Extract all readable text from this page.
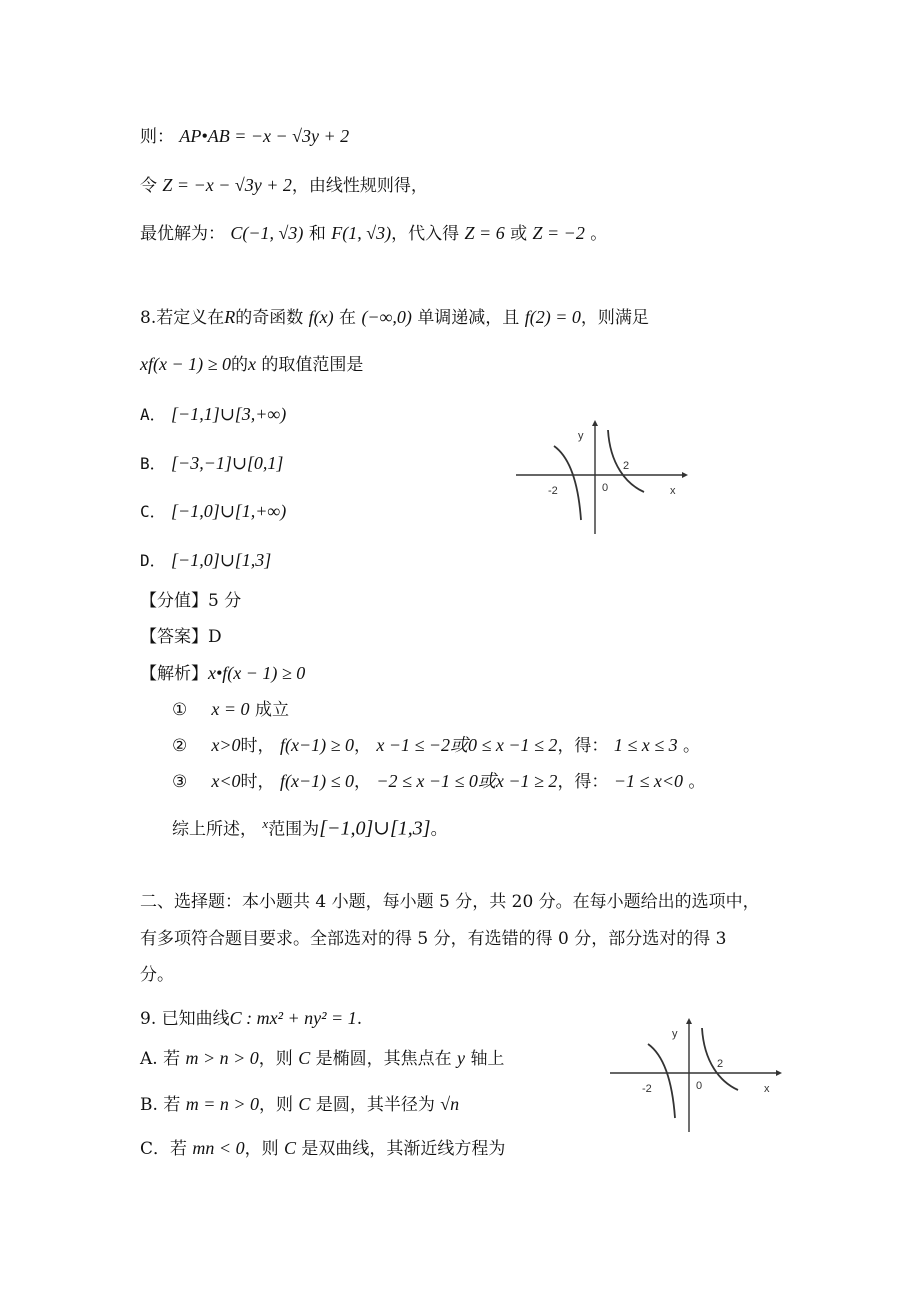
则： AP•AB = −x − √3y + 2
令 Z = −x − √3y + 2，由线性规则得，
最优解为： C(−1, √3) 和 F(1, √3)，代入得 Z = 6 或 Z = −2 。
8.若定义在R的奇函数 f(x) 在 (−∞,0) 单调递减，且 f(2) = 0，则满足
xf(x − 1) ≥ 0的x 的取值范围是
A． [−1,1]∪[3,+∞)
B． [−3,−1]∪[0,1]
C． [−1,0]∪[1,+∞)
D． [−1,0]∪[1,3]
y
x
-2	0
2
【分值】5 分
【答案】D
【解析】x•f(x − 1) ≥ 0
① x = 0 成立
② x>0时， f(x−1) ≥ 0， x −1 ≤ −2或0 ≤ x −1 ≤ 2，得： 1 ≤ x ≤ 3 。
③ x<0时， f(x−1) ≤ 0， −2 ≤ x −1 ≤ 0或x −1 ≥ 2，得： −1 ≤ x<0 。
综上所述， $^x$范围为[−1,0]∪[1,3]。
二、选择题：本小题共 4 小题，每小题 5 分，共 20 分。在每小题给出的选项中，
有多项符合题目要求。全部选对的得 5 分，有选错的得 0 分，部分选对的得 3
分。
9. 已知曲线C : mx² + ny² = 1.
A. 若 m > n > 0，则 C 是椭圆，其焦点在 y 轴上
B. 若 m = n > 0，则 C 是圆，其半径为 √n
C．若 mn < 0，则 C 是双曲线，其渐近线方程为
y
x
-2	0
2
